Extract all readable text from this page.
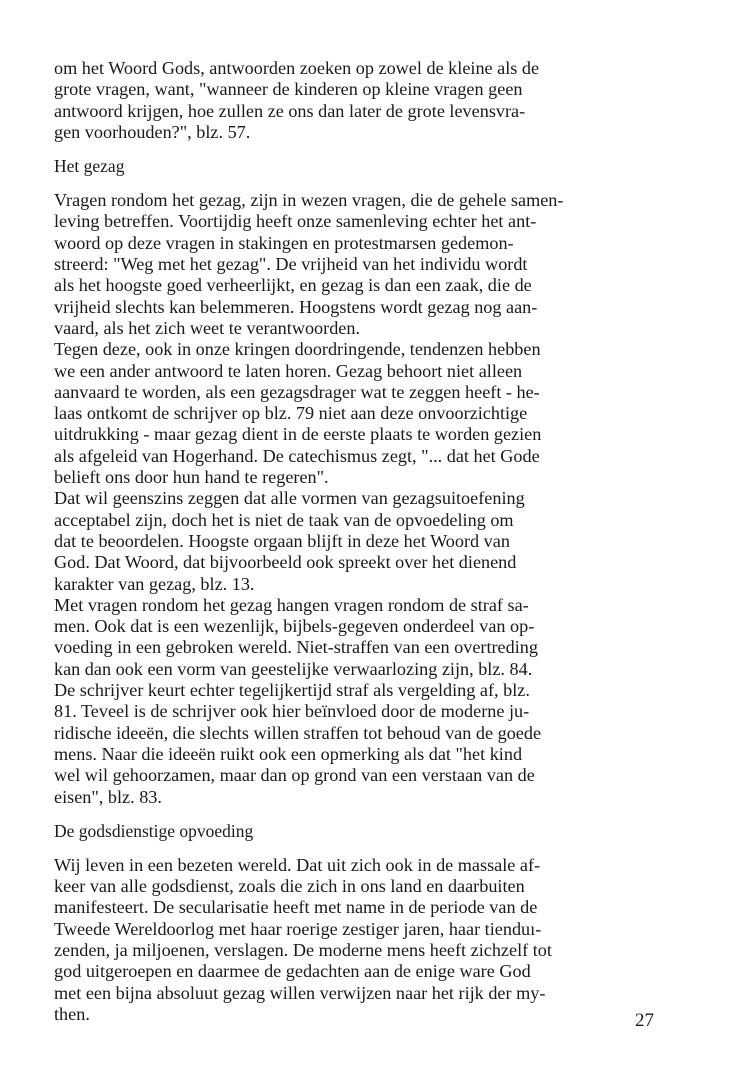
om het Woord Gods, antwoorden zoeken op zowel de kleine als de
grote vragen, want, "wanneer de kinderen op kleine vragen geen
antwoord krijgen, hoe zullen ze ons dan later de grote levensvra-
gen voorhouden?", blz. 57.
Het gezag
Vragen rondom het gezag, zijn in wezen vragen, die de gehele samen-
leving betreffen. Voortijdig heeft onze samenleving echter het ant-
woord op deze vragen in stakingen en protestmarsen gedemon-
streerd: "Weg met het gezag". De vrijheid van het individu wordt
als het hoogste goed verheerlijkt, en gezag is dan een zaak, die de
vrijheid slechts kan belemmeren. Hoogstens wordt gezag nog aan-
vaard, als het zich weet te verantwoorden.
Tegen deze, ook in onze kringen doordringende, tendenzen hebben
we een ander antwoord te laten horen. Gezag behoort niet alleen
aanvaard te worden, als een gezagsdrager wat te zeggen heeft - he-
laas ontkomt de schrijver op blz. 79 niet aan deze onvoorzichtige
uitdrukking - maar gezag dient in de eerste plaats te worden gezien
als afgeleid van Hogerhand. De catechismus zegt, "... dat het Gode
belieft ons door hun hand te regeren".
Dat wil geenszins zeggen dat alle vormen van gezagsuitoefening
acceptabel zijn, doch het is niet de taak van de opvoedeling om
dat te beoordelen. Hoogste orgaan blijft in deze het Woord van
God. Dat Woord, dat bijvoorbeeld ook spreekt over het dienend
karakter van gezag, blz. 13.
Met vragen rondom het gezag hangen vragen rondom de straf sa-
men. Ook dat is een wezenlijk, bijbels-gegeven onderdeel van op-
voeding in een gebroken wereld. Niet-straffen van een overtreding
kan dan ook een vorm van geestelijke verwaarlozing zijn, blz. 84.
De schrijver keurt echter tegelijkertijd straf als vergelding af, blz.
81. Teveel is de schrijver ook hier beïnvloed door de moderne ju-
ridische ideeën, die slechts willen straffen tot behoud van de goede
mens. Naar die ideeën ruikt ook een opmerking als dat "het kind
wel wil gehoorzamen, maar dan op grond van een verstaan van de
eisen", blz. 83.
De godsdienstige opvoeding
Wij leven in een bezeten wereld. Dat uit zich ook in de massale af-
keer van alle godsdienst, zoals die zich in ons land en daarbuiten
manifesteert. De secularisatie heeft met name in de periode van de
Tweede Wereldoorlog met haar roerige zestiger jaren, haar tienduı-
zenden, ja miljoenen, verslagen. De moderne mens heeft zichzelf tot
god uitgeroepen en daarmee de gedachten aan de enige ware God
met een bijna absoluut gezag willen verwijzen naar het rijk der my-
then.	27
